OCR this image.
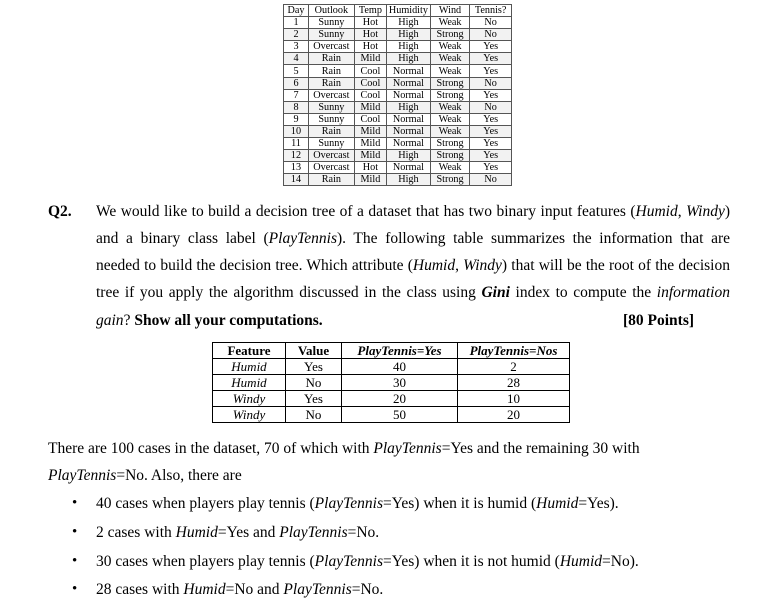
Day	Outlook	Temp	Humidity	Wind	Tennis?
1	Sunny	Hot	High	Weak	No
2	Sunny	Hot	High	Strong	No
3	Overcast	Hot	High	Weak	Yes
4	Rain	Mild	High	Weak	Yes
5	Rain	Cool	Normal	Weak	Yes
6	Rain	Cool	Normal	Strong	No
7	Overcast	Cool	Normal	Strong	Yes
8	Sunny	Mild	High	Weak	No
9	Sunny	Cool	Normal	Weak	Yes
10	Rain	Mild	Normal	Weak	Yes
11	Sunny	Mild	Normal	Strong	Yes
12	Overcast	Mild	High	Strong	Yes
13	Overcast	Hot	Normal	Weak	Yes
14	Rain	Mild	High	Strong	No
Q2. We would like to build a decision tree of a dataset that has two binary input features (Humid, Windy)
and a binary class label (PlayTennis). The following table summarizes the information that are
needed to build the decision tree. Which attribute (Humid, Windy) that will be the root of the decision
tree if you apply the algorithm discussed in the class using Gini index to compute the information
gain? Show all your computations.	[80 Points]
Feature	Value	PlayTennis=Yes	PlayTennis=Nos
Humid	Yes	40	2
Humid	No	30	28
Windy	Yes	20	10
Windy	No	50	20
There are 100 cases in the dataset, 70 of which with PlayTennis=Yes and the remaining 30 with
PlayTennis=No. Also, there are
• 40 cases when players play tennis (PlayTennis=Yes) when it is humid (Humid=Yes).
• 2 cases with Humid=Yes and PlayTennis=No.
• 30 cases when players play tennis (PlayTennis=Yes) when it is not humid (Humid=No).
• 28 cases with Humid=No and PlayTennis=No.
